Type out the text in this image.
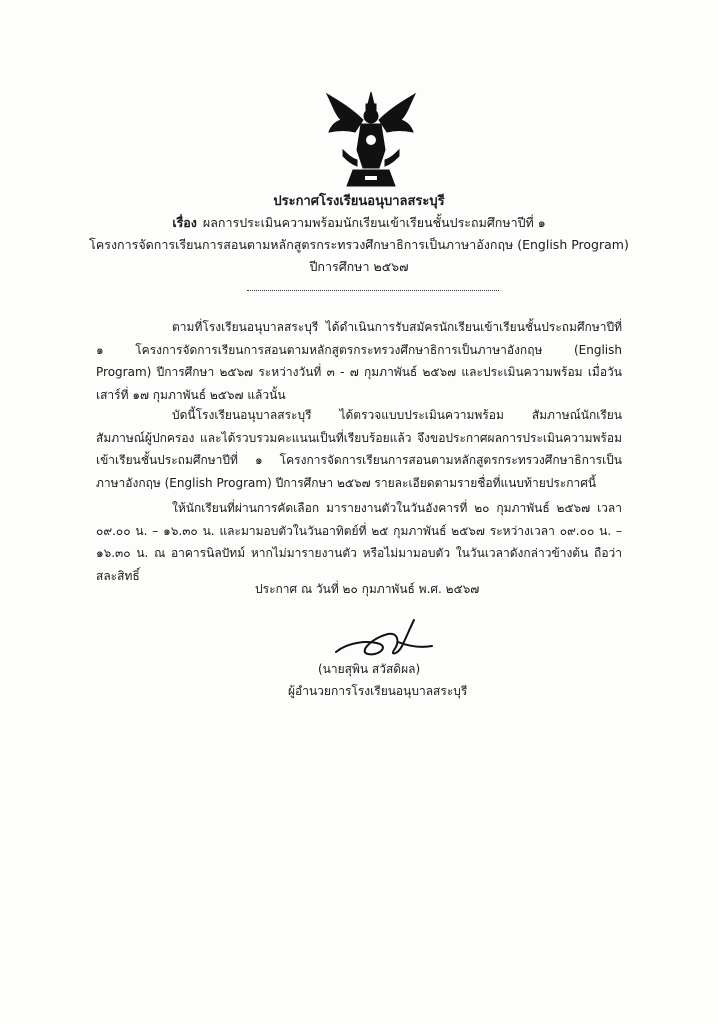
ประกาศโรงเรียนอนุบาลสระบุรี
เรื่อง ผลการประเมินความพร้อมนักเรียนเข้าเรียนชั้นประถมศึกษาปีที่ ๑
โครงการจัดการเรียนการสอนตามหลักสูตรกระทรวงศึกษาธิการเป็นภาษาอังกฤษ (English Program)
ปีการศึกษา ๒๕๖๗
ตามที่โรงเรียนอนุบาลสระบุรี ได้ดำเนินการรับสมัครนักเรียนเข้าเรียนชั้นประถมศึกษาปีที่ ๑ โครงการจัดการเรียนการสอนตามหลักสูตรกระทรวงศึกษาธิการเป็นภาษาอังกฤษ (English Program) ปีการศึกษา ๒๕๖๗ ระหว่างวันที่ ๓ - ๗ กุมภาพันธ์ ๒๕๖๗ และประเมินความพร้อม เมื่อวันเสาร์ที่ ๑๗ กุมภาพันธ์ ๒๕๖๗ แล้วนั้น
บัดนี้โรงเรียนอนุบาลสระบุรี ได้ตรวจแบบประเมินความพร้อม สัมภาษณ์นักเรียน สัมภาษณ์ผู้ปกครอง และได้รวบรวมคะแนนเป็นที่เรียบร้อยแล้ว จึงขอประกาศผลการประเมินความพร้อมเข้าเรียนชั้นประถมศึกษาปีที่ ๑ โครงการจัดการเรียนการสอนตามหลักสูตรกระทรวงศึกษาธิการเป็นภาษาอังกฤษ (English Program) ปีการศึกษา ๒๕๖๗ รายละเอียดตามรายชื่อที่แนบท้ายประกาศนี้
ให้นักเรียนที่ผ่านการคัดเลือก มารายงานตัวในวันอังคารที่ ๒๐ กุมภาพันธ์ ๒๕๖๗ เวลา ๐๙.๐๐ น. – ๑๖.๓๐ น. และมามอบตัวในวันอาทิตย์ที่ ๒๕ กุมภาพันธ์ ๒๕๖๗ ระหว่างเวลา ๐๙.๐๐ น. – ๑๖.๓๐ น. ณ อาคารนิลปัทม์ หากไม่มารายงานตัว หรือไม่มามอบตัว ในวันเวลาดังกล่าวข้างต้น ถือว่าสละสิทธิ์
ประกาศ ณ วันที่ ๒๐ กุมภาพันธ์ พ.ศ. ๒๕๖๗
(นายสุพิน สวัสดิผล)
ผู้อำนวยการโรงเรียนอนุบาลสระบุรี
